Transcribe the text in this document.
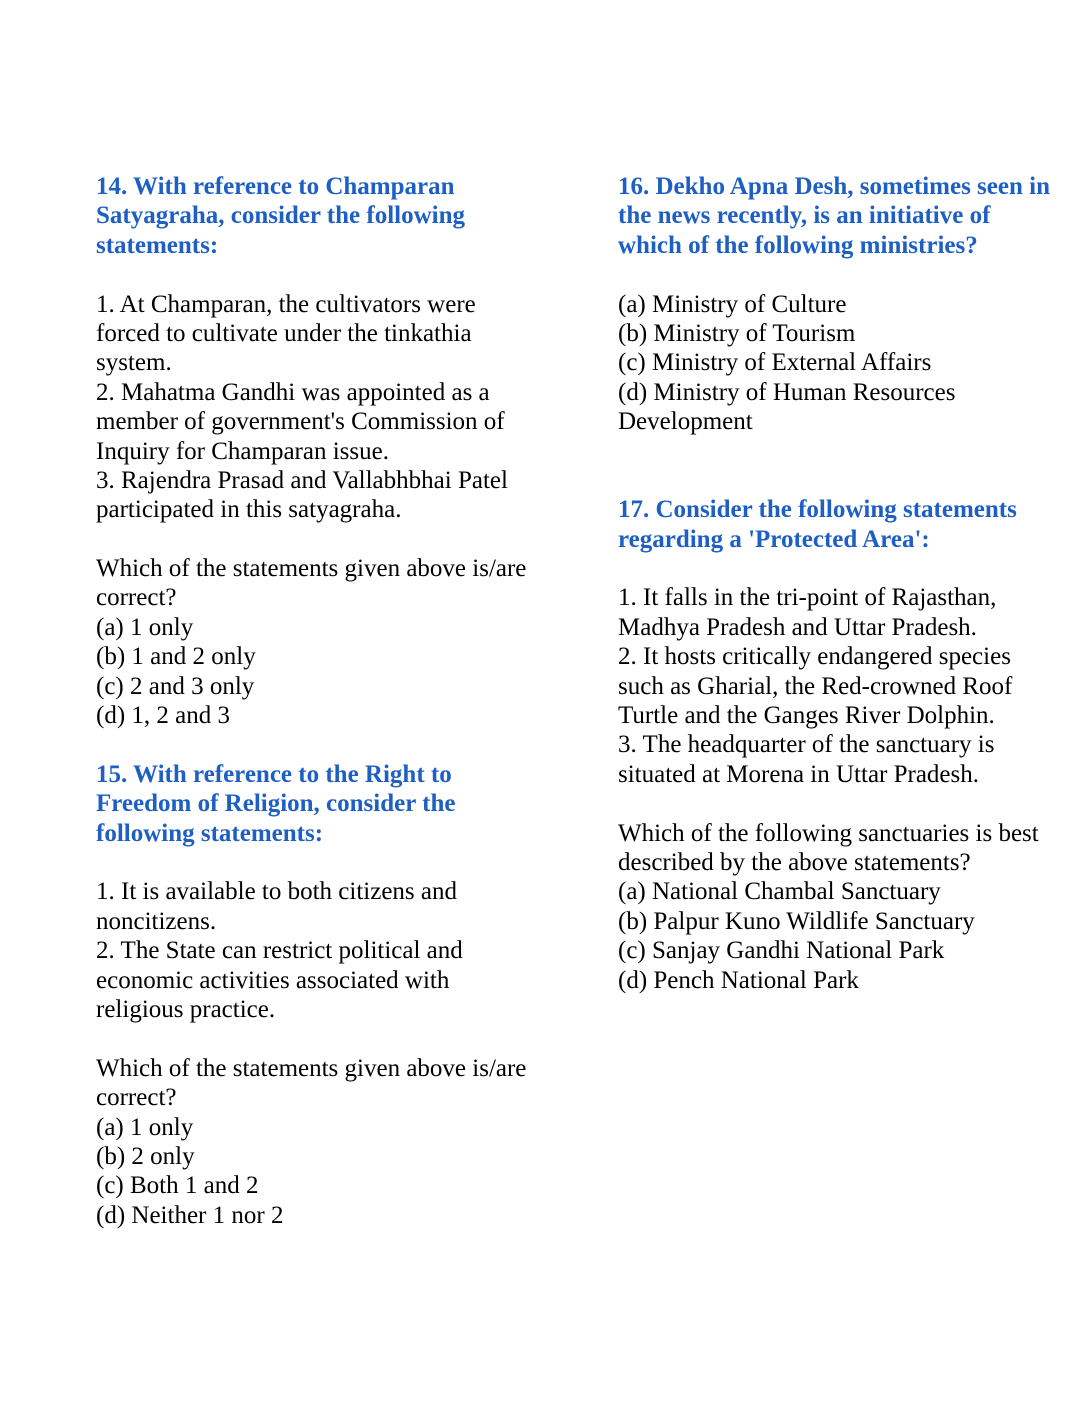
14. With reference to Champaran
Satyagraha, consider the following
statements:
1. At Champaran, the cultivators were
forced to cultivate under the tinkathia
system.
2. Mahatma Gandhi was appointed as a
member of government's Commission of
Inquiry for Champaran issue.
3. Rajendra Prasad and Vallabhbhai Patel
participated in this satyagraha.
Which of the statements given above is/are
correct?
(a) 1 only
(b) 1 and 2 only
(c) 2 and 3 only
(d) 1, 2 and 3
15. With reference to the Right to
Freedom of Religion, consider the
following statements:
1. It is available to both citizens and
noncitizens.
2. The State can restrict political and
economic activities associated with
religious practice.
Which of the statements given above is/are
correct?
(a) 1 only
(b) 2 only
(c) Both 1 and 2
(d) Neither 1 nor 2
16. Dekho Apna Desh, sometimes seen in
the news recently, is an initiative of
which of the following ministries?
(a) Ministry of Culture
(b) Ministry of Tourism
(c) Ministry of External Affairs
(d) Ministry of Human Resources
Development
17. Consider the following statements
regarding a 'Protected Area':
1. It falls in the tri-point of Rajasthan,
Madhya Pradesh and Uttar Pradesh.
2. It hosts critically endangered species
such as Gharial, the Red-crowned Roof
Turtle and the Ganges River Dolphin.
3. The headquarter of the sanctuary is
situated at Morena in Uttar Pradesh.
Which of the following sanctuaries is best
described by the above statements?
(a) National Chambal Sanctuary
(b) Palpur Kuno Wildlife Sanctuary
(c) Sanjay Gandhi National Park
(d) Pench National Park
